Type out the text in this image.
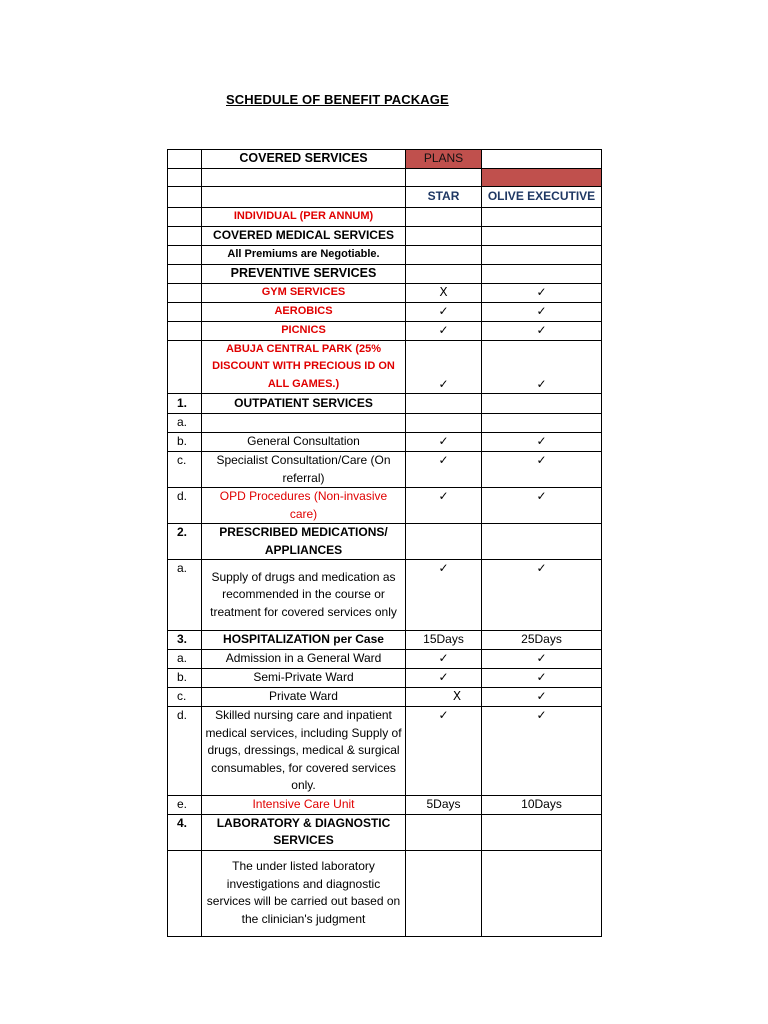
SCHEDULE OF BENEFIT PACKAGE
	COVERED SERVICES	PLANS	

		STAR	OLIVE EXECUTIVE
	INDIVIDUAL (PER ANNUM)		
	COVERED MEDICAL SERVICES		
	All Premiums are Negotiable.		
	PREVENTIVE SERVICES		
	GYM SERVICES	X	✓
	AEROBICS	✓	✓
	PICNICS	✓	✓
	ABUJA CENTRAL PARK (25% DISCOUNT WITH PRECIOUS ID ON ALL GAMES.)	✓	✓
1.	OUTPATIENT SERVICES		
a.			
b.	General Consultation	✓	✓
c.	Specialist Consultation/Care (On referral)	✓	✓
d.	OPD Procedures (Non-invasive care)	✓	✓
2.	PRESCRIBED MEDICATIONS/ APPLIANCES		
a.	Supply of drugs and medication as recommended in the course or treatment for covered services only	✓	✓
3.	HOSPITALIZATION per Case	15Days	25Days
a.	Admission in a General Ward	✓	✓
b.	Semi-Private Ward	✓	✓
c.	Private Ward	X	✓
d.	Skilled nursing care and inpatient medical services, including Supply of drugs, dressings, medical & surgical consumables, for covered services only.	✓	✓
e.	Intensive Care Unit	5Days	10Days
4.	LABORATORY & DIAGNOSTIC SERVICES		

	The under listed laboratory investigations and diagnostic services will be carried out based on
the clinician's judgment		
